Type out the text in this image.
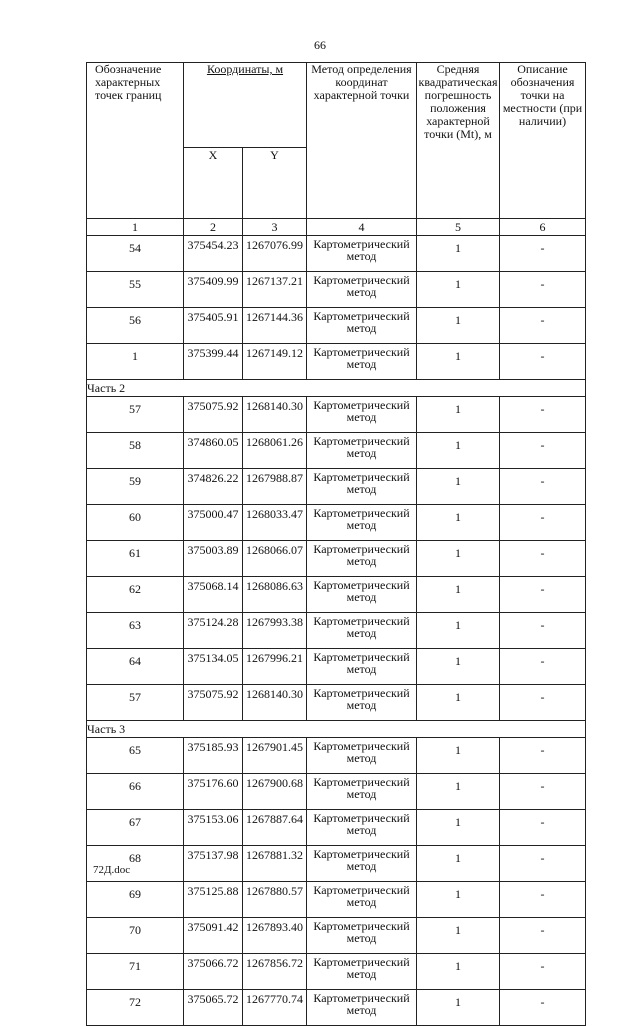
66
Обозначение характерных точек границ	Координаты, м		Метод определения координат характерной точки	Средняя квадратическая погрешность положения характерной точки (Mt), м	Описание обозначения точки на местности (при наличии)
	X	Y			
1	2	3	4	5	6
54	375454.23	1267076.99	Картометрический метод	1	-
55	375409.99	1267137.21	Картометрический метод	1	-
56	375405.91	1267144.36	Картометрический метод	1	-
1	375399.44	1267149.12	Картометрический метод	1	-
Часть 2					
57	375075.92	1268140.30	Картометрический метод	1	-
58	374860.05	1268061.26	Картометрический метод	1	-
59	374826.22	1267988.87	Картометрический метод	1	-
60	375000.47	1268033.47	Картометрический метод	1	-
61	375003.89	1268066.07	Картометрический метод	1	-
62	375068.14	1268086.63	Картометрический метод	1	-
63	375124.28	1267993.38	Картометрический метод	1	-
64	375134.05	1267996.21	Картометрический метод	1	-
57	375075.92	1268140.30	Картометрический метод	1	-
Часть 3					
65	375185.93	1267901.45	Картометрический метод	1	-
66	375176.60	1267900.68	Картометрический метод	1	-
67	375153.06	1267887.64	Картометрический метод	1	-
68	375137.98	1267881.32	Картометрический метод	1	-
69	375125.88	1267880.57	Картометрический метод	1	-
70	375091.42	1267893.40	Картометрический метод	1	-
71	375066.72	1267856.72	Картометрический метод	1	-
72	375065.72	1267770.74	Картометрический метод	1	-
72Д.doc
